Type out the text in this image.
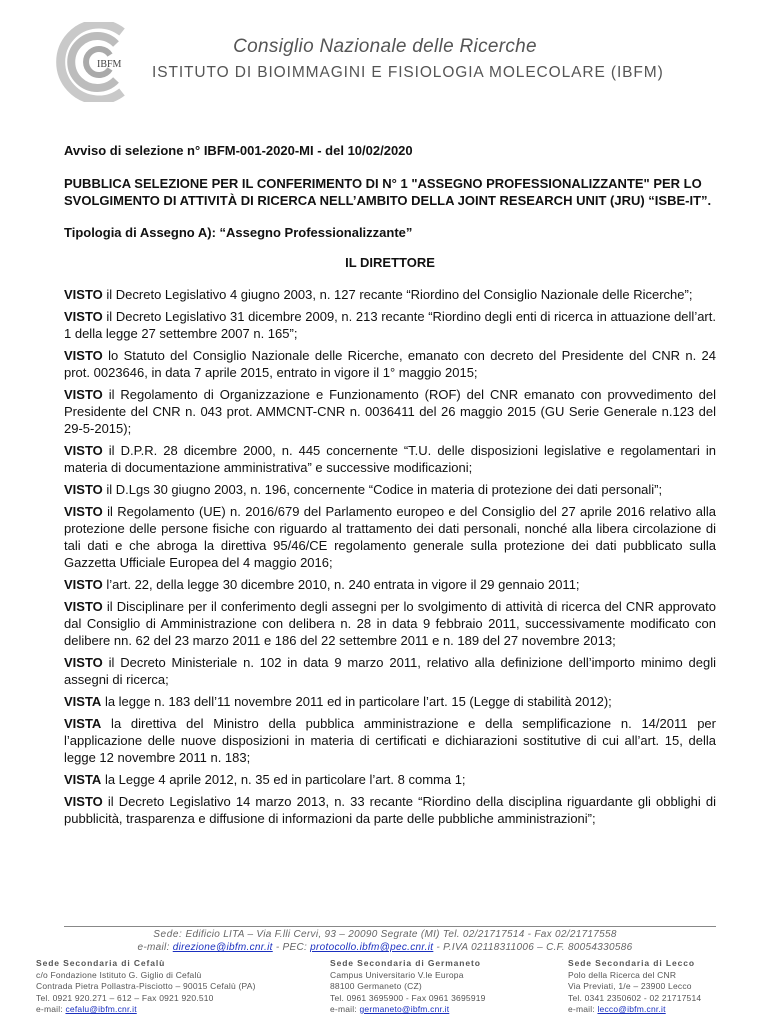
IBFM
Consiglio Nazionale delle Ricerche
ISTITUTO DI BIOIMMAGINI E FISIOLOGIA MOLECOLARE (IBFM)

Avviso di selezione n° IBFM-001-2020-MI - del 10/02/2020

PUBBLICA SELEZIONE PER IL CONFERIMENTO DI N° 1 "ASSEGNO PROFESSIONALIZZANTE" PER LO SVOLGIMENTO DI ATTIVITÀ DI RICERCA NELL’AMBITO DELLA JOINT RESEARCH UNIT (JRU) “ISBE-IT”.

Tipologia di Assegno A): “Assegno Professionalizzante”

IL DIRETTORE

VISTO il Decreto Legislativo 4 giugno 2003, n. 127 recante “Riordino del Consiglio Nazionale delle Ricerche”;

VISTO il Decreto Legislativo 31 dicembre 2009, n. 213 recante “Riordino degli enti di ricerca in attuazione dell’art. 1 della legge 27 settembre 2007 n. 165”;

VISTO lo Statuto del Consiglio Nazionale delle Ricerche, emanato con decreto del Presidente del CNR n. 24 prot. 0023646, in data 7 aprile 2015, entrato in vigore il 1° maggio 2015;

VISTO il Regolamento di Organizzazione e Funzionamento (ROF) del CNR emanato con provvedimento del Presidente del CNR n. 043 prot. AMMCNT-CNR n. 0036411 del 26 maggio 2015 (GU Serie Generale n.123 del 29-5-2015);

VISTO il D.P.R. 28 dicembre 2000, n. 445 concernente “T.U. delle disposizioni legislative e regolamentari in materia di documentazione amministrativa” e successive modificazioni;

VISTO il D.Lgs 30 giugno 2003, n. 196, concernente “Codice in materia di protezione dei dati personali”;

VISTO il Regolamento (UE) n. 2016/679 del Parlamento europeo e del Consiglio del 27 aprile 2016 relativo alla protezione delle persone fisiche con riguardo al trattamento dei dati personali, nonché alla libera circolazione di tali dati e che abroga la direttiva 95/46/CE regolamento generale sulla protezione dei dati pubblicato sulla Gazzetta Ufficiale Europea del 4 maggio 2016;

VISTO l’art. 22, della legge 30 dicembre 2010, n. 240 entrata in vigore il 29 gennaio 2011;

VISTO il Disciplinare per il conferimento degli assegni per lo svolgimento di attività di ricerca del CNR approvato dal Consiglio di Amministrazione con delibera n. 28 in data 9 febbraio 2011, successivamente modificato con delibere nn. 62 del 23 marzo 2011 e 186 del 22 settembre 2011 e n. 189 del 27 novembre 2013;

VISTO il Decreto Ministeriale n. 102 in data 9 marzo 2011, relativo alla definizione dell’importo minimo degli assegni di ricerca;

VISTA la legge n. 183 dell’11 novembre 2011 ed in particolare l’art. 15 (Legge di stabilità 2012);

VISTA la direttiva del Ministro della pubblica amministrazione e della semplificazione n. 14/2011 per l’applicazione delle nuove disposizioni in materia di certificati e dichiarazioni sostitutive di cui all’art. 15, della legge 12 novembre 2011 n. 183;

VISTA la Legge 4 aprile 2012, n. 35 ed in particolare l’art. 8 comma 1;

VISTO il Decreto Legislativo 14 marzo 2013, n. 33 recante “Riordino della disciplina riguardante gli obblighi di pubblicità, trasparenza e diffusione di informazioni da parte delle pubbliche amministrazioni”;

Sede: Edificio LITA – Via F.lli Cervi, 93 – 20090 Segrate (MI) Tel. 02/21717514 - Fax 02/21717558
e-mail: direzione@ibfm.cnr.it - PEC: protocollo.ibfm@pec.cnr.it - P.IVA 02118311006 – C.F. 80054330586
Sede Secondaria di Cefalù
c/o Fondazione Istituto G. Giglio di Cefalù
Contrada Pietra Pollastra-Pisciotto – 90015 Cefalù (PA)
Tel. 0921 920.271 – 612 – Fax 0921 920.510
e-mail: cefalu@ibfm.cnr.it
Sede Secondaria di Germaneto
Campus Universitario V.le Europa
88100 Germaneto (CZ)
Tel. 0961 3695900 - Fax 0961 3695919
e-mail: germaneto@ibfm.cnr.it
Sede Secondaria di Lecco
Polo della Ricerca del CNR
Via Previati, 1/e – 23900 Lecco
Tel. 0341 2350602 - 02 21717514
e-mail: lecco@ibfm.cnr.it
